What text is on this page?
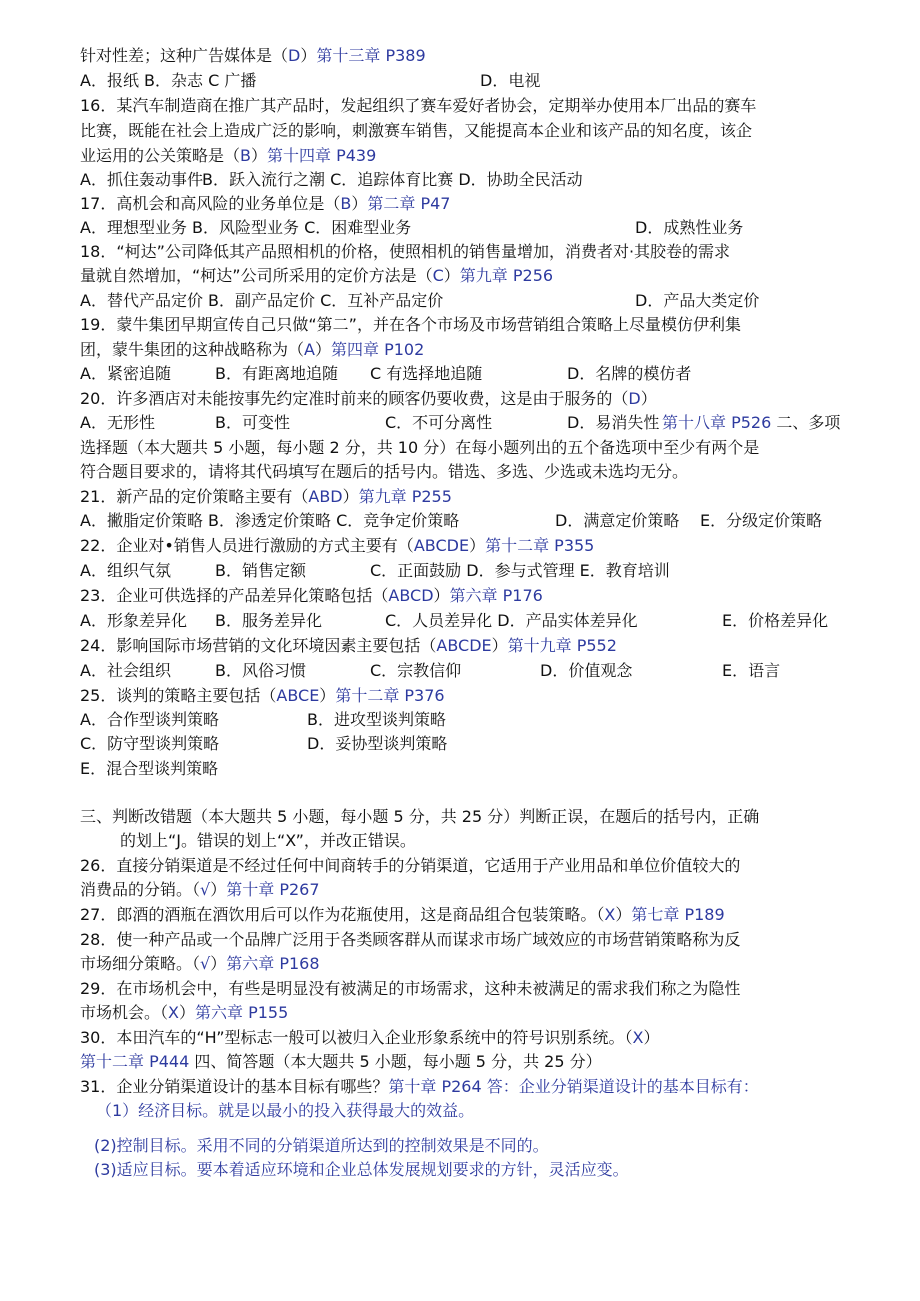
针对性差；这种广告媒体是（D）第十三章 P389
A．报纸 B．杂志 C 广播	D．电视
16．某汽车制造商在推广其产品时，发起组织了赛车爱好者协会，定期举办使用本厂出品的赛车
比赛，既能在社会上造成广泛的影响，刺激赛车销售，又能提高本企业和该产品的知名度，该企
业运用的公关策略是（B）第十四章 P439
A．抓住轰动事件 B．跃入流行之潮 C．追踪体育比赛 D．协助全民活动
17．高机会和高风险的业务单位是（B）第二章 P47
A．理想型业务 B．风险型业务 C．困难型业务	D．成熟性业务
18．“柯达”公司降低其产品照相机的价格，使照相机的销售量增加，消费者对·其胶卷的需求
量就自然增加，“柯达”公司所采用的定价方法是（C）第九章 P256
A．替代产品定价 B．副产品定价 C．互补产品定价	D．产品大类定价
19．蒙牛集团早期宣传自己只做“第二”，并在各个市场及市场营销组合策略上尽量模仿伊利集
团，蒙牛集团的这种战略称为（A）第四章 P102
A．紧密追随	B．有距离地追随 C 有选择地追随	D．名牌的模仿者
20．许多酒店对未能按事先约定准时前来的顾客仍要收费，这是由于服务的（D）
A．无形性	B．可变性	C．不可分离性	D．易消失性 第十八章 P526 二、多项
选择题（本大题共 5 小题，每小题 2 分，共 10 分）在每小题列出的五个备选项中至少有两个是
符合题目要求的，请将其代码填写在题后的括号内。错选、多选、少选或未选均无分。
21．新产品的定价策略主要有（ABD）第九章 P255
A．撇脂定价策略 B．渗透定价策略 C．竞争定价策略	D．满意定价策略 E．分级定价策略
22．企业对•销售人员进行激励的方式主要有（ABCDE）第十二章 P355
A．组织气氛	B．销售定额	C．正面鼓励 D．参与式管理 E．教育培训
23．企业可供选择的产品差异化策略包括（ABCD）第六章 P176
A．形象差异化 B．服务差异化	C．人员差异化 D．产品实体差异化	E．价格差异化
24．影响国际市场营销的文化环境因素主要包括（ABCDE）第十九章 P552
A．社会组织	B．风俗习惯	C．宗教信仰	D．价值观念	E．语言
25．谈判的策略主要包括（ABCE）第十二章 P376
A．合作型谈判策略	B．进攻型谈判策略
C．防守型谈判策略	D．妥协型谈判策略
E．混合型谈判策略
三、判断改错题（本大题共 5 小题，每小题 5 分，共 25 分）判断正误，在题后的括号内，正确
的划上“J。错误的划上“X”，并改正错误。
26．直接分销渠道是不经过任何中间商转手的分销渠道，它适用于产业用品和单位价值较大的
消费品的分销。（√）第十章 P267
27．郎酒的酒瓶在酒饮用后可以作为花瓶使用，这是商品组合包装策略。（X）第七章 P189
28．使一种产品或一个品牌广泛用于各类顾客群从而谋求市场广域效应的市场营销策略称为反
市场细分策略。（√）第六章 P168
29．在市场机会中，有些是明显没有被满足的市场需求，这种未被满足的需求我们称之为隐性
市场机会。（X）第六章 P155
30．本田汽车的“H”型标志一般可以被归入企业形象系统中的符号识别系统。（X）
第十二章 P444 四、简答题（本大题共 5 小题，每小题 5 分，共 25 分）
31．企业分销渠道设计的基本目标有哪些？第十章 P264 答：企业分销渠道设计的基本目标有：
（1）经济目标。就是以最小的投入获得最大的效益。
(2)控制目标。采用不同的分销渠道所达到的控制效果是不同的。
(3)适应目标。要本着适应环境和企业总体发展规划要求的方针，灵活应变。
